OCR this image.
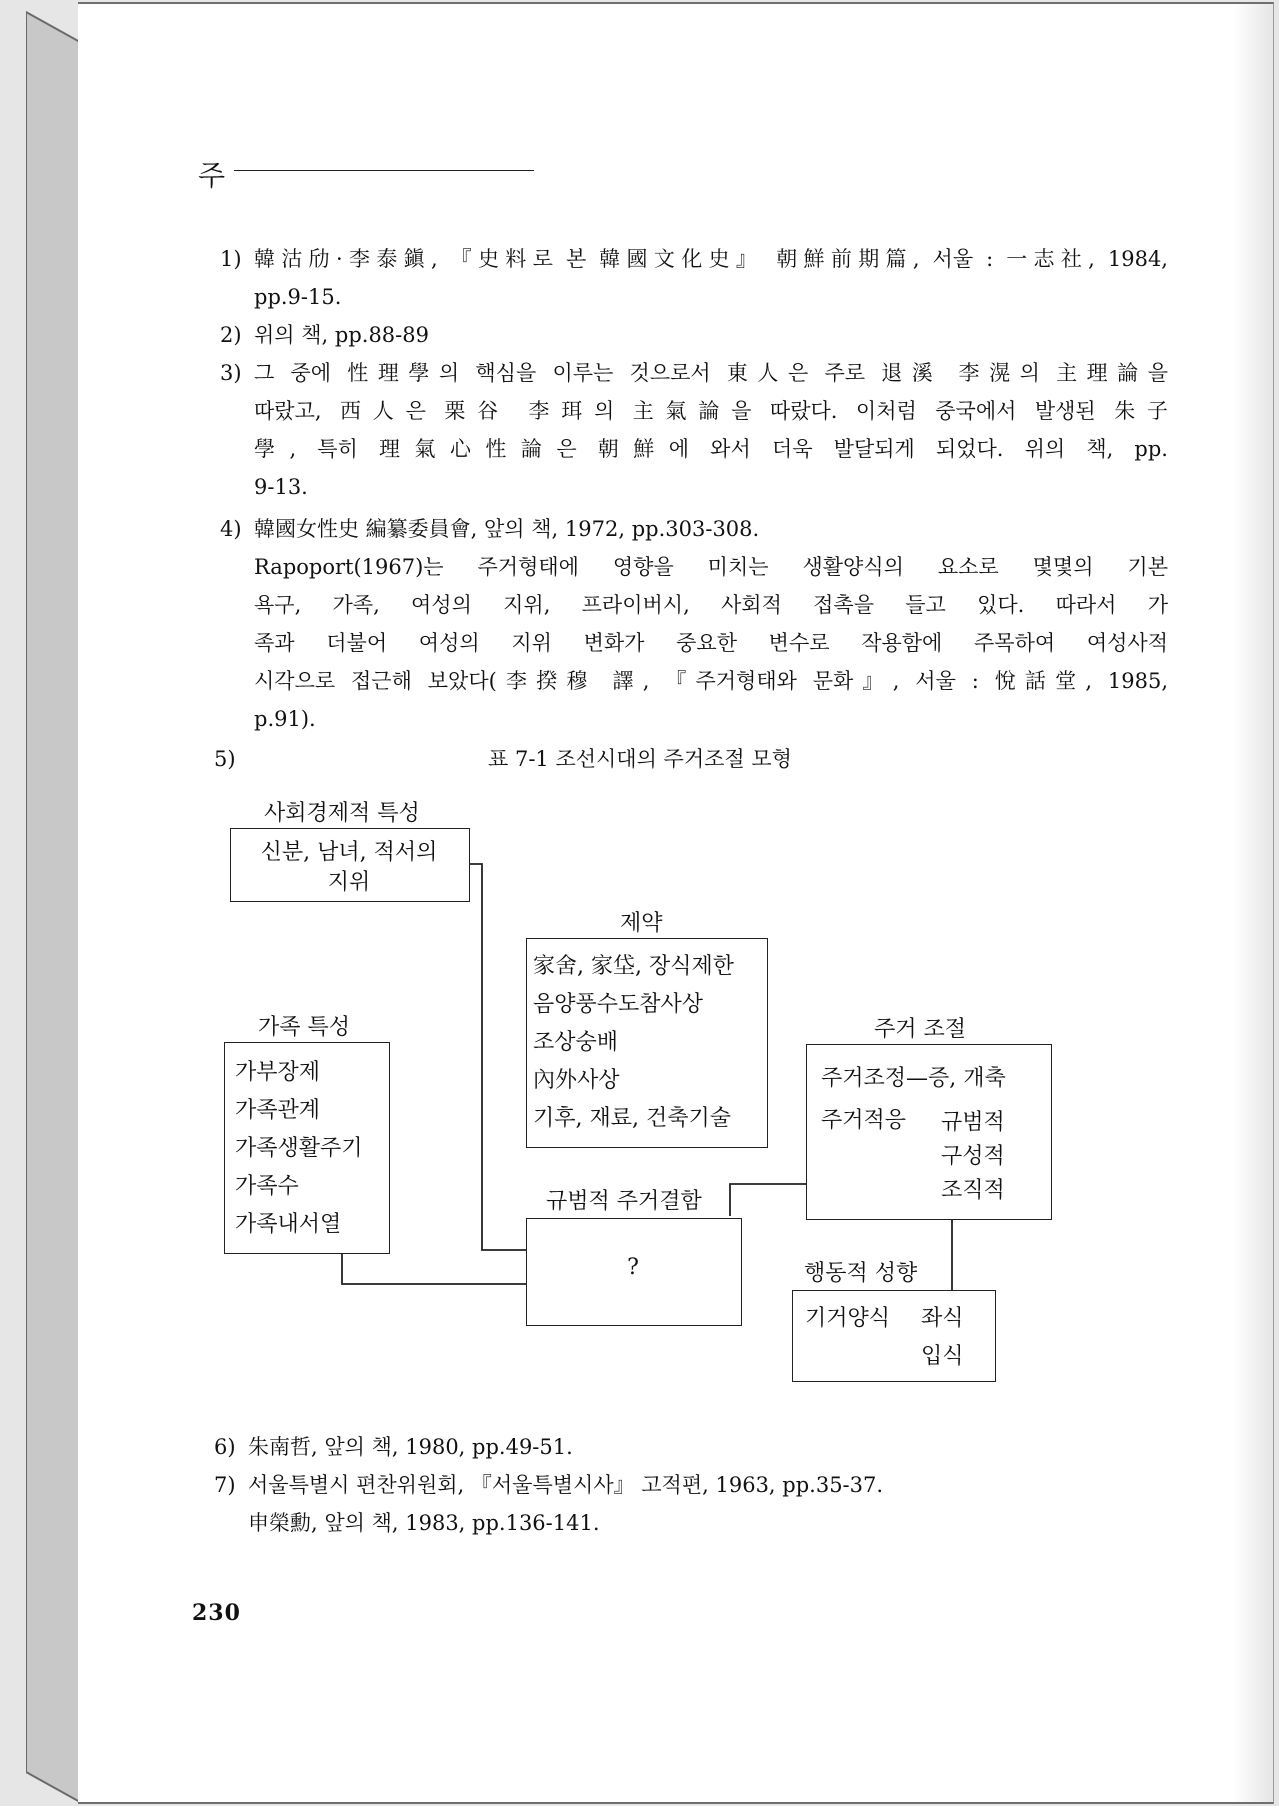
주
1) 韓沽劤·李泰鎭, 『史料로 본 韓國文化史』 朝鮮前期篇, 서울 : 一志社, 1984,
pp.9-15.
2) 위의 책, pp.88-89
3) 그 중에 性理學의 핵심을 이루는 것으로서 東人은 주로 退溪 李滉의 主理論을
따랐고, 西人은 栗谷 李珥의 主氣論을 따랐다. 이처럼 중국에서 발생된 朱子
學, 특히 理氣心性論은 朝鮮에 와서 더욱 발달되게 되었다. 위의 책, pp.
9-13.
4) 韓國女性史 編纂委員會, 앞의 책, 1972, pp.303-308.
Rapoport(1967)는 주거형태에 영향을 미치는 생활양식의 요소로 몇몇의 기본
욕구, 가족, 여성의 지위, 프라이버시, 사회적 접촉을 들고 있다. 따라서 가
족과 더불어 여성의 지위 변화가 중요한 변수로 작용함에 주목하여 여성사적
시각으로 접근해 보았다(李揆穆 譯, 『주거형태와 문화』, 서울 : 悅話堂, 1985,
p.91).
5)	표 7-1 조선시대의 주거조절 모형
사회경제적 특성
신분, 남녀, 적서의
지위
제약
家舍, 家垈, 장식제한
음양풍수도참사상
조상숭배
內外사상
기후, 재료, 건축기술
가족 특성
가부장제
가족관계
가족생활주기
가족수
가족내서열
주거 조절
주거조정—증, 개축
주거적응 규범적
구성적
조직적
규범적 주거결함
?	행동적 성향
기거양식 좌식
입식
6) 朱南哲, 앞의 책, 1980, pp.49-51.
7) 서울특별시 편찬위원회, 『서울특별시사』 고적편, 1963, pp.35-37.
申榮勳, 앞의 책, 1983, pp.136-141.
230
